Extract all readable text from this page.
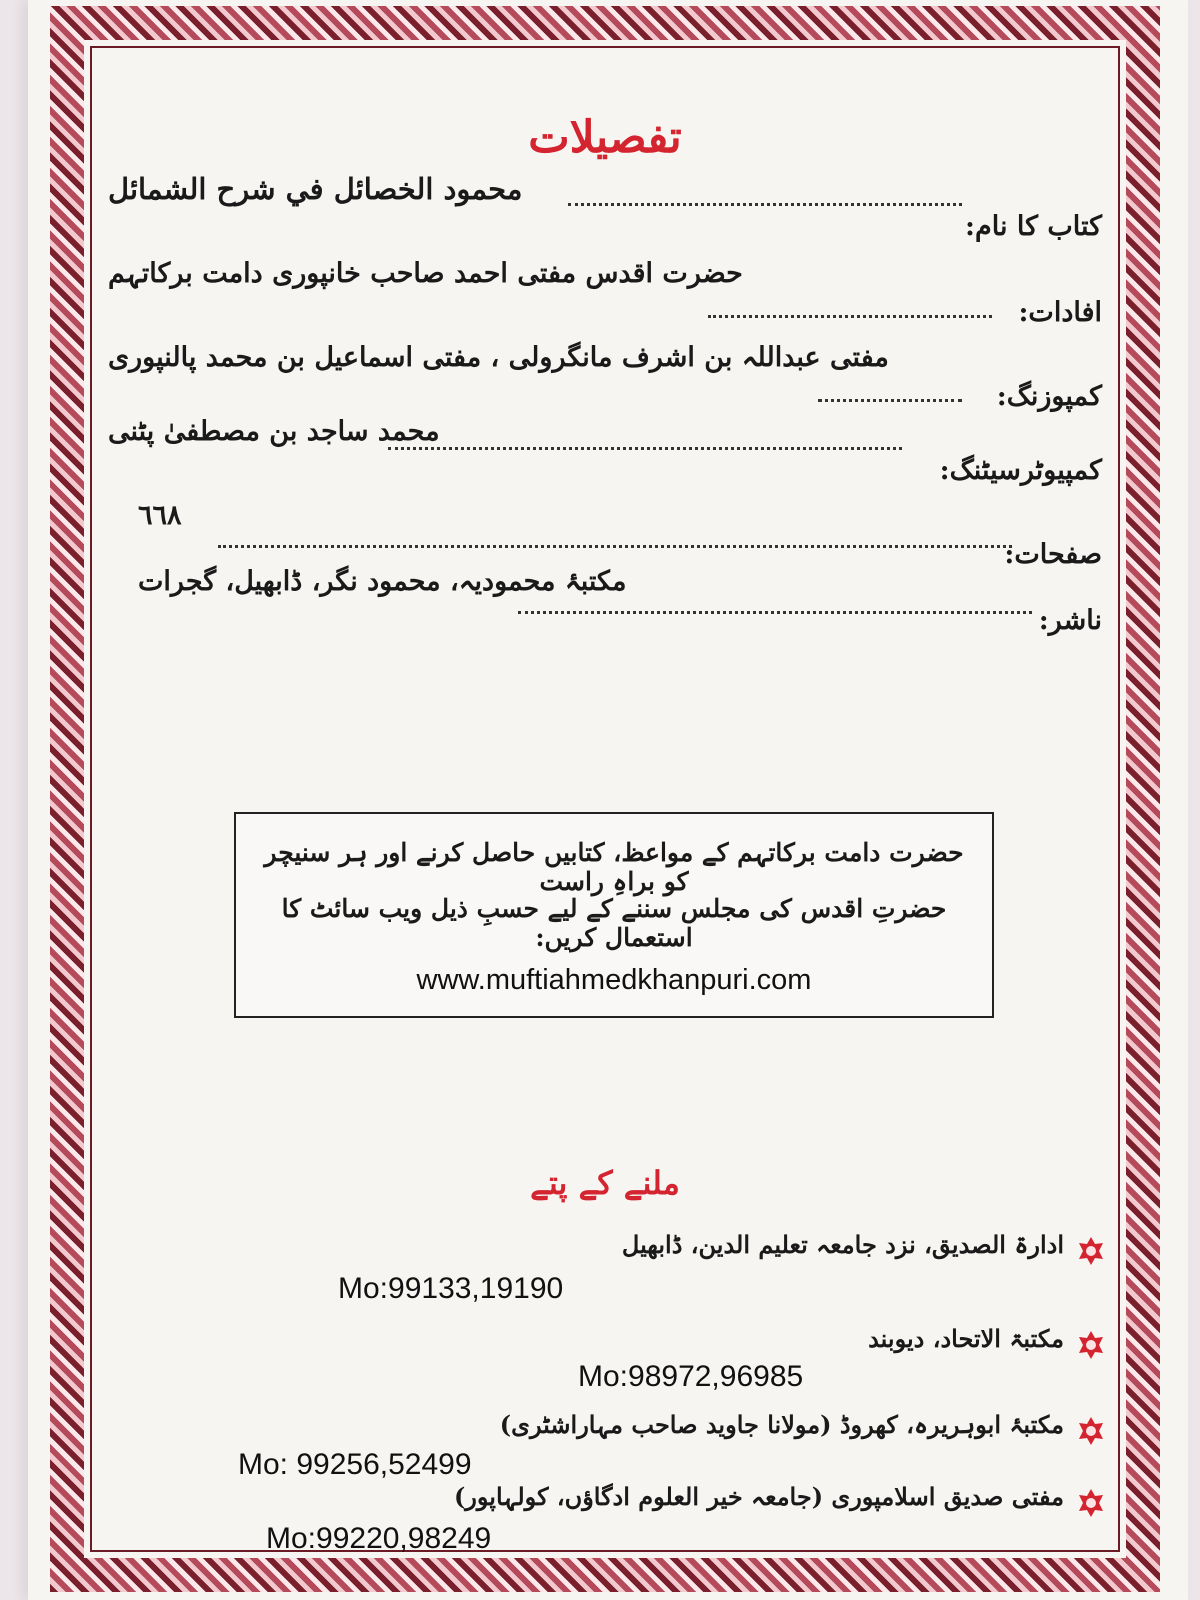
تفصیلات
محمود الخصائل في شرح الشمائل
کتاب کا نام:
حضرت اقدس مفتی احمد صاحب خانپوری دامت برکاتہم
افادات:
مفتی عبداللہ بن اشرف مانگرولی ، مفتی اسماعیل بن محمد پالنپوری
کمپوزنگ:
محمد ساجد بن مصطفیٰ پٹنی
کمپیوٹرسیٹنگ:
٦٦٨
صفحات:
مکتبۂ محمودیہ، محمود نگر، ڈابھیل، گجرات
ناشر:
حضرت دامت برکاتہم کے مواعظ، کتابیں حاصل کرنے اور ہر سنیچر کو براہِ راست
حضرتِ اقدس کی مجلس سننے کے لیے حسبِ ذیل ویب سائٹ کا استعمال کریں:
www.muftiahmedkhanpuri.com
ملنے کے پتے
ادارۃ الصدیق، نزد جامعہ تعلیم الدین، ڈابھیل
Mo:99133,19190
مکتبۃ الاتحاد، دیوبند
Mo:98972,96985
مکتبۂ ابوہریرہ، کھروڈ (مولانا جاوید صاحب مہاراشٹری)
Mo: 99256,52499
مفتی صدیق اسلامپوری (جامعہ خیر العلوم ادگاؤں، کولہاپور)
Mo:99220,98249
